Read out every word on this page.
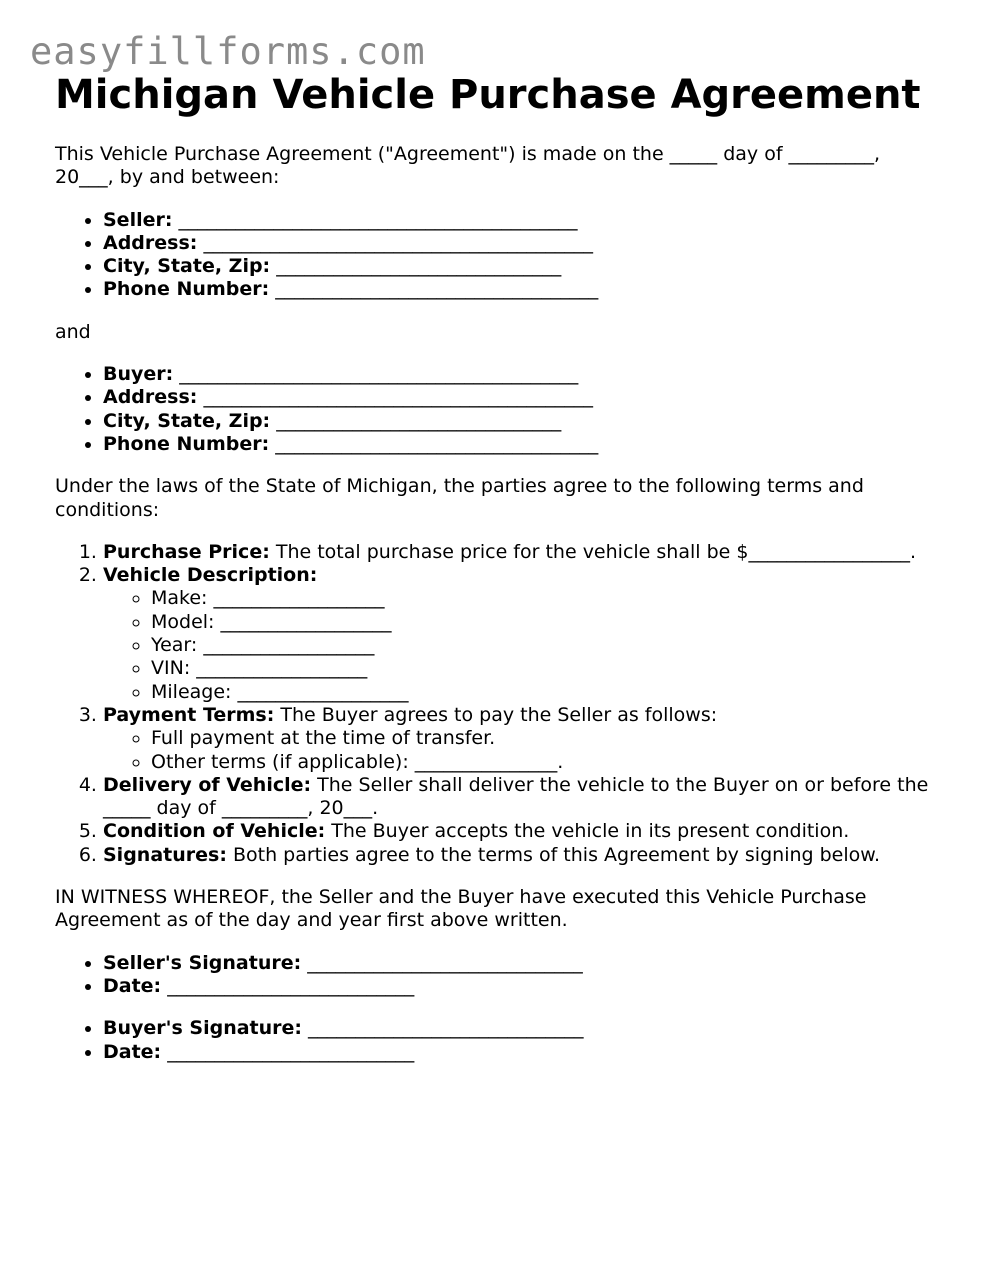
easyfillforms.com
Michigan Vehicle Purchase Agreement

This Vehicle Purchase Agreement ("Agreement") is made on the _____ day of _________, 20___, by and between:

• Seller: __________________________________________
• Address: _________________________________________
• City, State, Zip: ______________________________
• Phone Number: __________________________________

and

• Buyer: __________________________________________
• Address: _________________________________________
• City, State, Zip: ______________________________
• Phone Number: __________________________________

Under the laws of the State of Michigan, the parties agree to the following terms and conditions:

1. Purchase Price: The total purchase price for the vehicle shall be $_________________.
2. Vehicle Description:
◦ Make: __________________
◦ Model: __________________
◦ Year: __________________
◦ VIN: __________________
◦ Mileage: __________________
3. Payment Terms: The Buyer agrees to pay the Seller as follows:
◦ Full payment at the time of transfer.
◦ Other terms (if applicable): _______________.
4. Delivery of Vehicle: The Seller shall deliver the vehicle to the Buyer on or before the _____ day of _________, 20___.
5. Condition of Vehicle: The Buyer accepts the vehicle in its present condition.
6. Signatures: Both parties agree to the terms of this Agreement by signing below.

IN WITNESS WHEREOF, the Seller and the Buyer have executed this Vehicle Purchase Agreement as of the day and year first above written.

• Seller's Signature: _____________________________
• Date: __________________________
• Buyer's Signature: _____________________________
• Date: __________________________
